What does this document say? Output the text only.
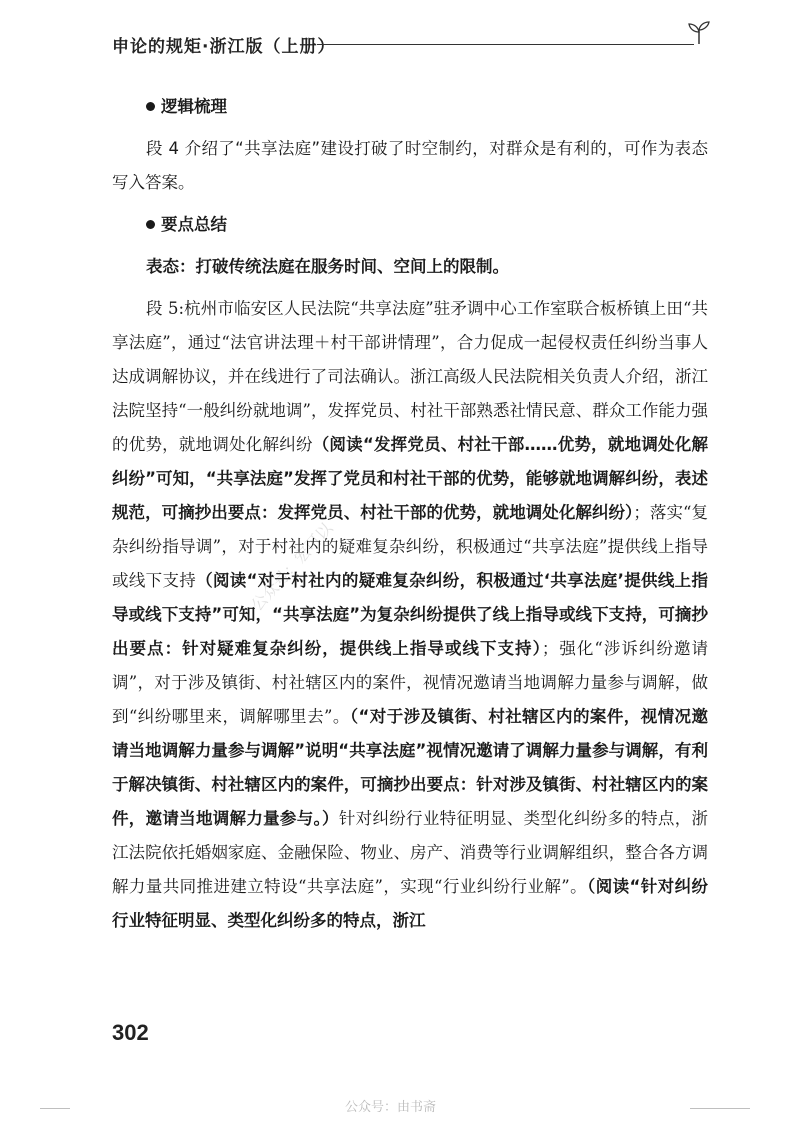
申论的规矩·浙江版（上册）

逻辑梳理

段 4 介绍了“共享法庭”建设打破了时空制约，对群众是有利的，可作为表态写入答案。

要点总结

表态：打破传统法庭在服务时间、空间上的限制。

段 5:杭州市临安区人民法院“共享法庭”驻矛调中心工作室联合板桥镇上田“共享法庭”，通过“法官讲法理＋村干部讲情理”，合力促成一起侵权责任纠纷当事人达成调解协议，并在线进行了司法确认。浙江高级人民法院相关负责人介绍，浙江法院坚持“一般纠纷就地调”，发挥党员、村社干部熟悉社情民意、群众工作能力强的优势，就地调处化解纠纷（阅读“发挥党员、村社干部……优势，就地调处化解纠纷”可知，“共享法庭”发挥了党员和村社干部的优势，能够就地调解纠纷，表述规范，可摘抄出要点：发挥党员、村社干部的优势，就地调处化解纠纷）；落实“复杂纠纷指导调”，对于村社内的疑难复杂纠纷，积极通过“共享法庭”提供线上指导或线下支持（阅读“对于村社内的疑难复杂纠纷，积极通过‘共享法庭’提供线上指导或线下支持”可知，“共享法庭”为复杂纠纷提供了线上指导或线下支持，可摘抄出要点：针对疑难复杂纠纷，提供线上指导或线下支持）；强化“涉诉纠纷邀请调”，对于涉及镇街、村社辖区内的案件，视情况邀请当地调解力量参与调解，做到“纠纷哪里来，调解哪里去”。（“对于涉及镇街、村社辖区内的案件，视情况邀请当地调解力量参与调解”说明“共享法庭”视情况邀请了调解力量参与调解，有利于解决镇街、村社辖区内的案件，可摘抄出要点：针对涉及镇街、村社辖区内的案件，邀请当地调解力量参与。）针对纠纷行业特征明显、类型化纠纷多的特点，浙江法院依托婚姻家庭、金融保险、物业、房产、消费等行业调解组织，整合各方调解力量共同推进建立特设“共享法庭”，实现“行业纠纷行业解”。（阅读“针对纠纷行业特征明显、类型化纠纷多的特点，浙江

公众号：宏可以
302
公众号：由书斋
